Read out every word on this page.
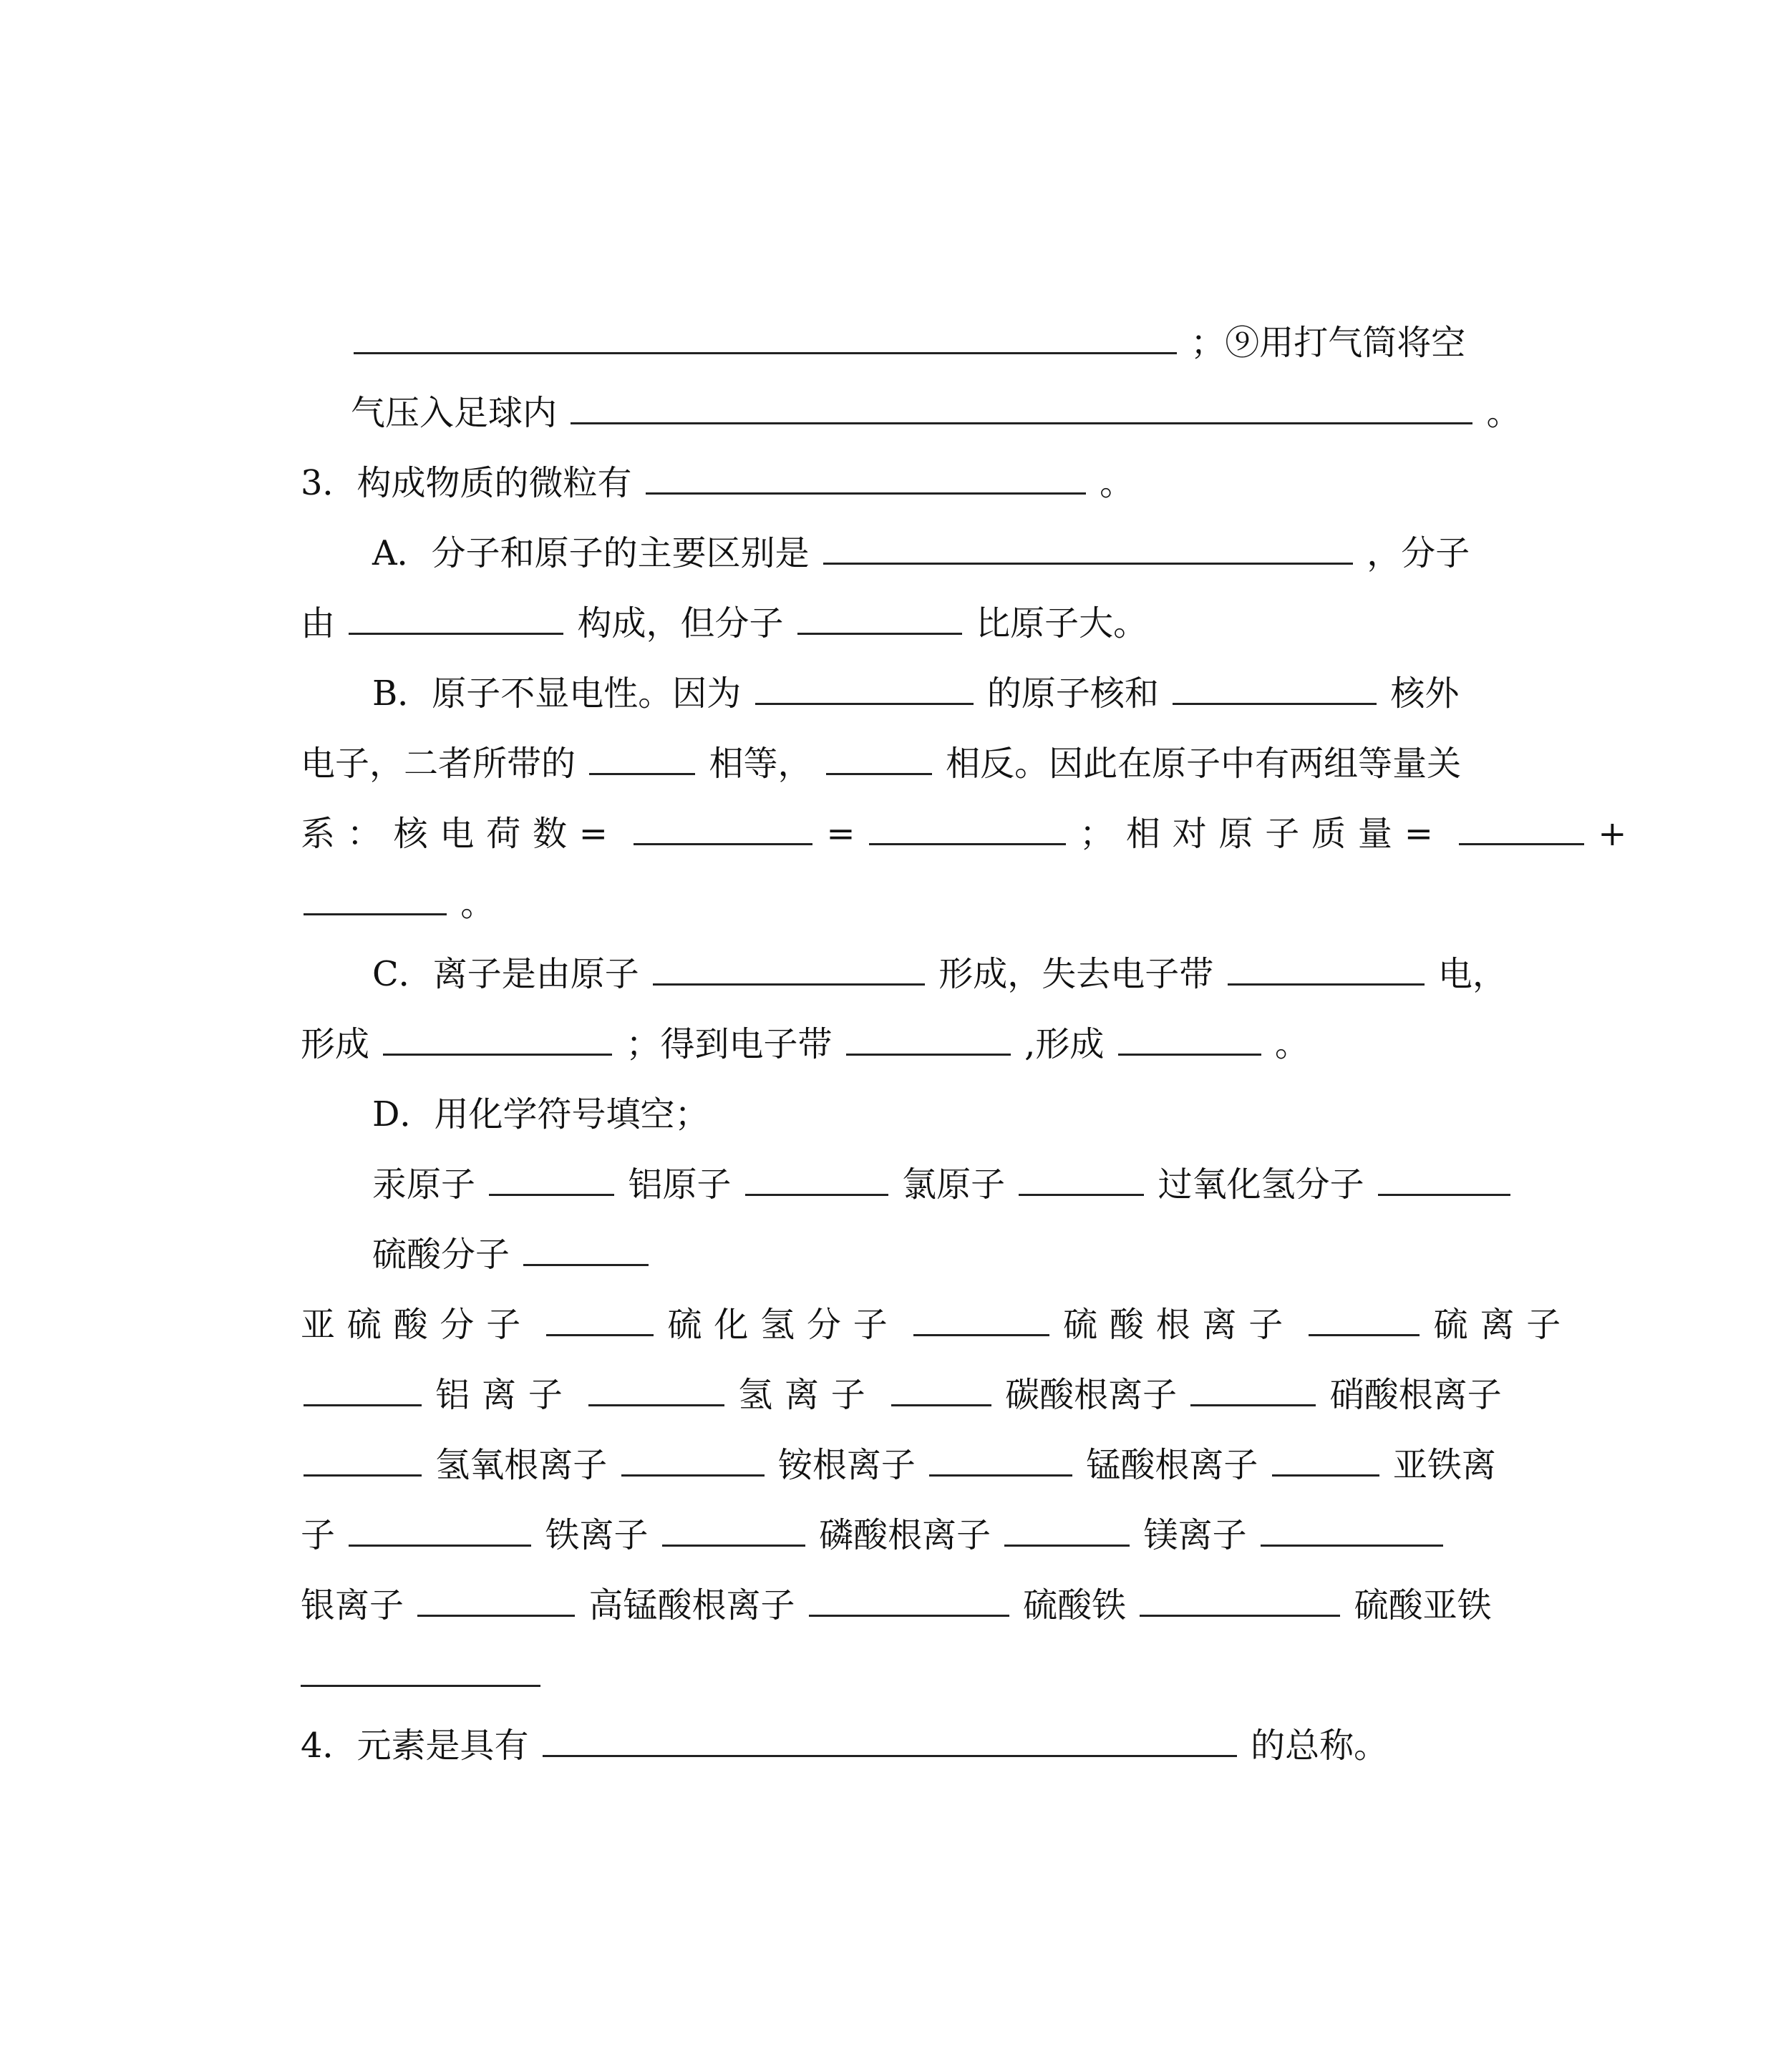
；⑨用打气筒将空
气压入足球内	。
3．构成物质的微粒有	。
A．分子和原子的主要区别是	，分子
由	构成，但分子	比原子大。
B．原子不显电性。因为	的原子核和	核外
电子，二者所带的	相等，	相反。因此在原子中有两组等量关
系：核电荷数=	=	；相对原子质量=	+
。
C．离子是由原子	形成，失去电子带	电，
形成	；得到电子带	,形成	。
D．用化学符号填空；
汞原子	铝原子	氯原子	过氧化氢分子
硫酸分子
亚硫酸分子	硫化氢分子	硫酸根离子	硫离子
铝离子	氢离子	碳酸根离子	硝酸根离子
氢氧根离子	铵根离子	锰酸根离子	亚铁离
子	铁离子	磷酸根离子	镁离子
银离子	高锰酸根离子	硫酸铁	硫酸亚铁
4．元素是具有	的总称。
